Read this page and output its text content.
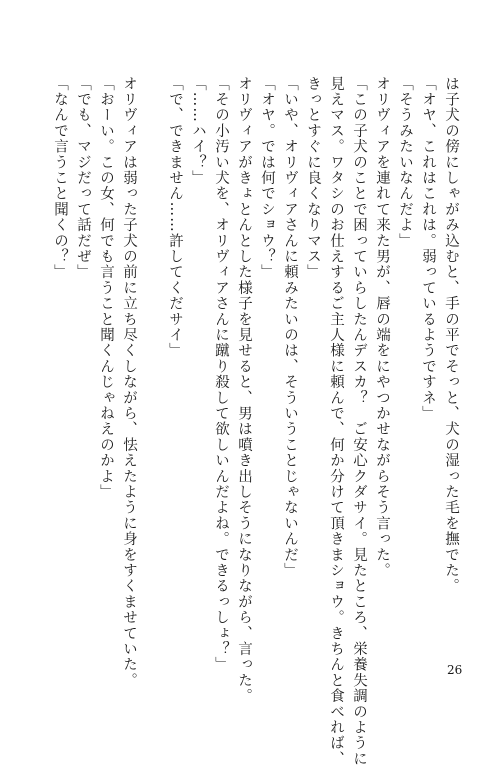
は子犬の傍にしゃがみ込むと、手の平でそっと、犬の湿った毛を撫でた。
「オヤ、これはこれは。弱っているようですネ」
「そうみたいなんだよ」
オリヴィアを連れて来た男が、唇の端をにやつかせながらそう言った。
「この子犬のことで困っていらしたんデスカ？　ご安心クダサイ。見たところ、栄養失調のように
見えマス。ワタシのお仕えするご主人様に頼んで、何か分けて頂きまショウ。きちんと食べれば、
きっとすぐに良くなりマス」
「いや、オリヴィアさんに頼みたいのは、そういうことじゃないんだ」
「オヤ。では何でショウ？」
オリヴィアがきょとんとした様子を見せると、男は噴き出しそうになりながら、言った。
「その小汚い犬を、オリヴィアさんに蹴り殺して欲しいんだよね。できるっしょ？」
「……ハイ？」
「で、できません……許してくだサイ」
オリヴィアは弱った子犬の前に立ち尽くしながら、怯えたように身をすくませていた。
「おーい。この女、何でも言うこと聞くんじゃねえのかよ」
「でも、マジだって話だぜ」
「なんで言うこと聞くの？」
26
